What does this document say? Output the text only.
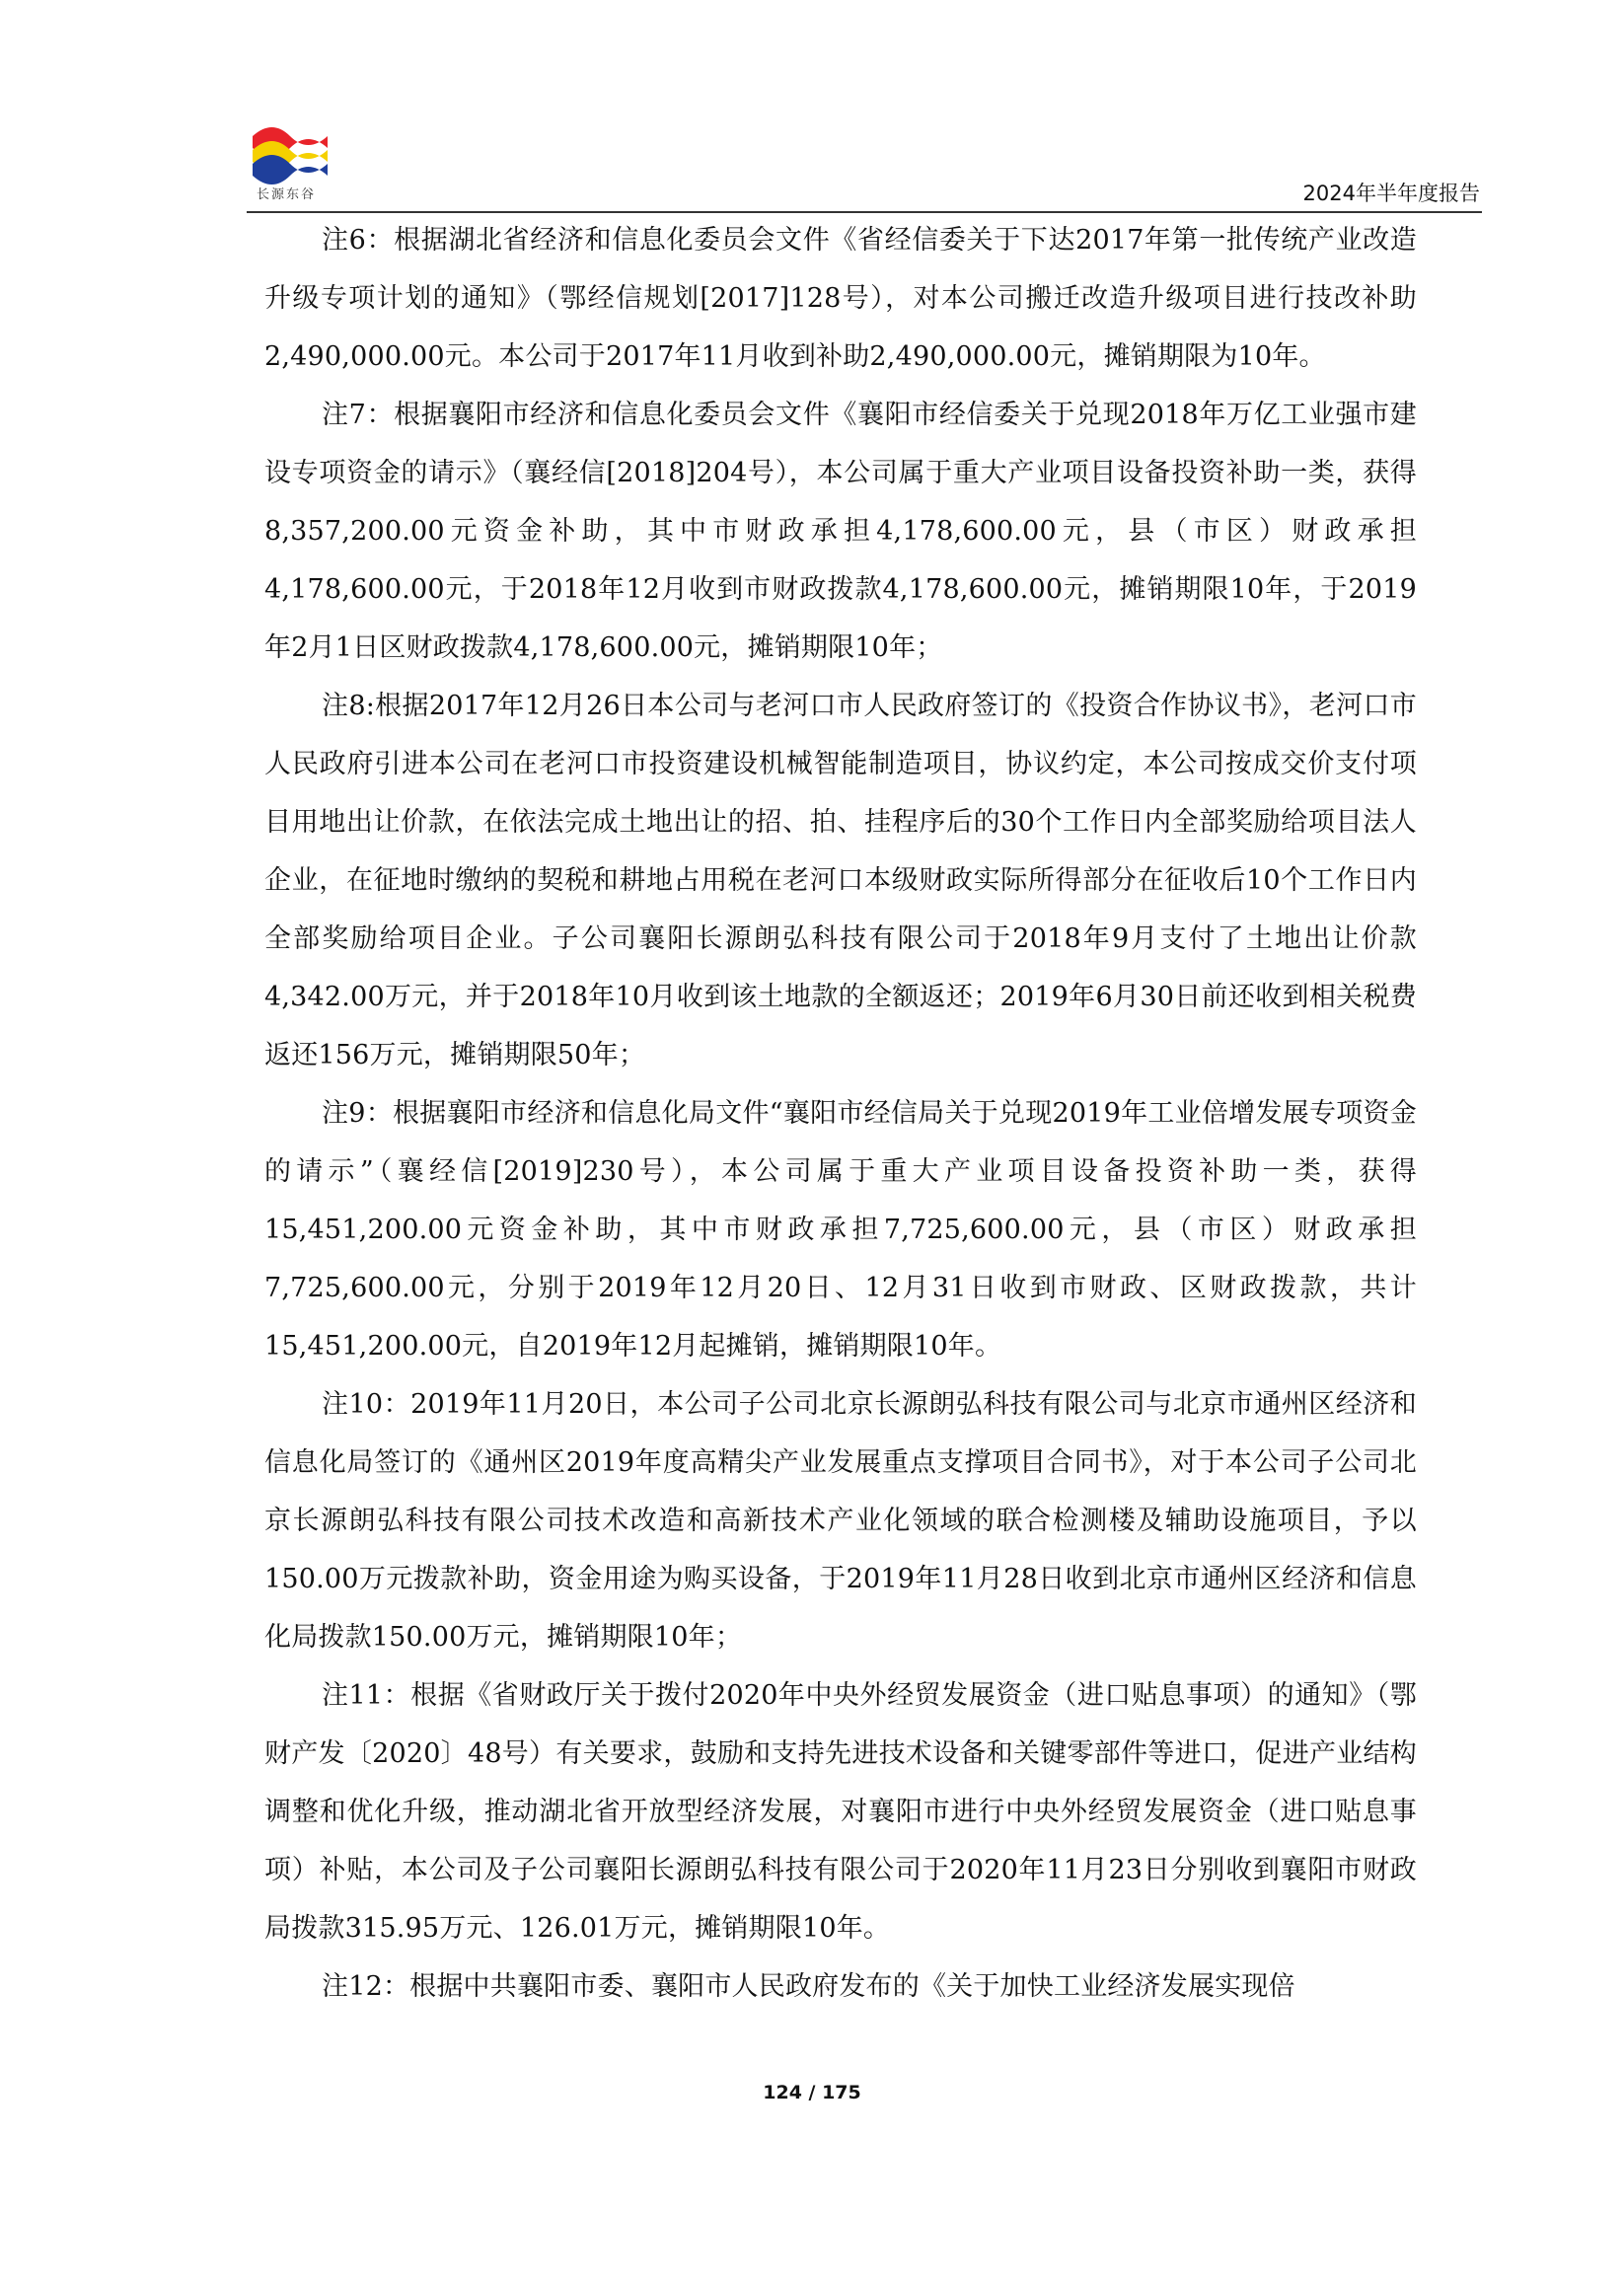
长源东谷	2024年半年度报告

注6：根据湖北省经济和信息化委员会文件《省经信委关于下达2017年第一批传统产业改造升级专项计划的通知》（鄂经信规划[2017]128号），对本公司搬迁改造升级项目进行技改补助2,490,000.00元。本公司于2017年11月收到补助2,490,000.00元，摊销期限为10年。

注7：根据襄阳市经济和信息化委员会文件《襄阳市经信委关于兑现2018年万亿工业强市建设专项资金的请示》（襄经信[2018]204号），本公司属于重大产业项目设备投资补助一类，获得8,357,200.00元资金补助，其中市财政承担4,178,600.00元，县（市区）财政承担4,178,600.00元，于2018年12月收到市财政拨款4,178,600.00元，摊销期限10年，于2019年2月1日区财政拨款4,178,600.00元，摊销期限10年；

注8:根据2017年12月26日本公司与老河口市人民政府签订的《投资合作协议书》，老河口市人民政府引进本公司在老河口市投资建设机械智能制造项目，协议约定，本公司按成交价支付项目用地出让价款，在依法完成土地出让的招、拍、挂程序后的30个工作日内全部奖励给项目法人企业，在征地时缴纳的契税和耕地占用税在老河口本级财政实际所得部分在征收后10个工作日内全部奖励给项目企业。子公司襄阳长源朗弘科技有限公司于2018年9月支付了土地出让价款4,342.00万元，并于2018年10月收到该土地款的全额返还；2019年6月30日前还收到相关税费返还156万元，摊销期限50年；

注9：根据襄阳市经济和信息化局文件“襄阳市经信局关于兑现2019年工业倍增发展专项资金的请示”（襄经信[2019]230号），本公司属于重大产业项目设备投资补助一类，获得15,451,200.00元资金补助，其中市财政承担7,725,600.00元，县（市区）财政承担7,725,600.00元，分别于2019年12月20日、12月31日收到市财政、区财政拨款，共计15,451,200.00元，自2019年12月起摊销，摊销期限10年。

注10：2019年11月20日，本公司子公司北京长源朗弘科技有限公司与北京市通州区经济和信息化局签订的《通州区2019年度高精尖产业发展重点支撑项目合同书》，对于本公司子公司北京长源朗弘科技有限公司技术改造和高新技术产业化领域的联合检测楼及辅助设施项目，予以150.00万元拨款补助，资金用途为购买设备，于2019年11月28日收到北京市通州区经济和信息化局拨款150.00万元，摊销期限10年；

注11：根据《省财政厅关于拨付2020年中央外经贸发展资金（进口贴息事项）的通知》（鄂财产发〔2020〕48号）有关要求，鼓励和支持先进技术设备和关键零部件等进口，促进产业结构调整和优化升级，推动湖北省开放型经济发展，对襄阳市进行中央外经贸发展资金（进口贴息事项）补贴，本公司及子公司襄阳长源朗弘科技有限公司于2020年11月23日分别收到襄阳市财政局拨款315.95万元、126.01万元，摊销期限10年。

注12：根据中共襄阳市委、襄阳市人民政府发布的《关于加快工业经济发展实现倍

124 / 175
